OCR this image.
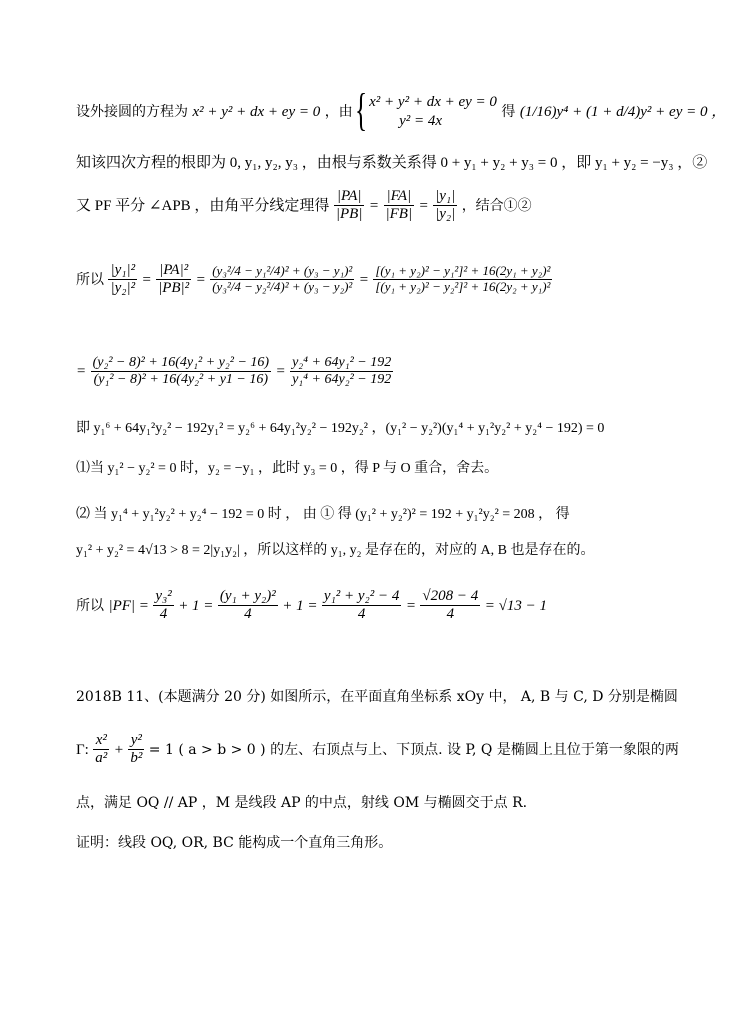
设外接圆的方程为 x² + y² + dx + ey = 0 ，由 { x² + y² + dx + ey = 0
y² = 4x
得 (1/16)y⁴ + (1 + d/4)y² + ey = 0 ，
知该四次方程的根即为 0, y₁, y₂, y₃ ，由根与系数关系得 0 + y₁ + y₂ + y₃ = 0 ，即 y₁ + y₂ = −y₃ ，②
又 PF 平分 ∠APB ，由角平分线定理得 $\frac{|PA|}{|PB|} = \frac{|FA|}{|FB|} = \frac{\text{|y₁|}}{\text{|y₂|}}$ ，结合①②
所以 $\frac{\text{|y₁|²}}{\text{|y₂|²}} = \frac{\text{|PA|²}}{\text{|PB|²}} = \frac{\text{(y₃²/4 − y₁²/4)² + (y₃ − y₁)²}}{\text{(y₃²/4 − y₂²/4)² + (y₃ − y₂)²}} = \frac{\text{[(y₁ + y₂)² − y₁²]² + 16(2y₁ + y₂)²}}{\text{[(y₁ + y₂)² − y₂²]² + 16(2y₂ + y₁)²}}$
= $\frac{\text{(y₂² − 8)² + 16(4y₁² + y₂² − 16)}}{\text{(y₁² − 8)² + 16(4y₂² + y1 − 16)}} = \frac{\text{y₂⁴ + 64y₁² − 192}}{\text{y₁⁴ + 64y₂² − 192}}$
即 y₁⁶ + 64y₁²y₂² − 192y₁² = y₂⁶ + 64y₁²y₂² − 192y₂² ，(y₁² − y₂²)(y₁⁴ + y₁²y₂² + y₂⁴ − 192) = 0
⑴当 y₁² − y₂² = 0 时，y₂ = −y₁ ，此时 y₃ = 0 ，得 P 与 O 重合，舍去。
⑵ 当 y₁⁴ + y₁²y₂² + y₂⁴ − 192 = 0 时 ， 由 ① 得 (y₁² + y₂²)² = 192 + y₁²y₂² = 208 ， 得
y₁² + y₂² = 4√13 > 8 = 2|y₁y₂| ，所以这样的 y₁, y₂ 是存在的，对应的 A, B 也是存在的。
所以 $|PF| = \frac{\text{y₃²}}{4} + 1 = \frac{\text{(y₁ + y₂)²}}{4} + 1 = \frac{\text{y₁² + y₂² − 4}}{4} = \frac{√208 - 4}{4} = √13 - 1$
2018B 11、(本题满分 20 分) 如图所示，在平面直角坐标系 xOy 中， A, B 与 C, D 分别是椭圆
Γ: $\frac{\text{x²}}{\text{a²}} + \frac{\text{y²}}{\text{b²}} = 1$ ( a > b > 0 ) 的左、右顶点与上、下顶点. 设 P, Q 是椭圆上且位于第一象限的两
点，满足 OQ // AP ，M 是线段 AP 的中点，射线 OM 与椭圆交于点 R.
证明：线段 OQ, OR, BC 能构成一个直角三角形。
